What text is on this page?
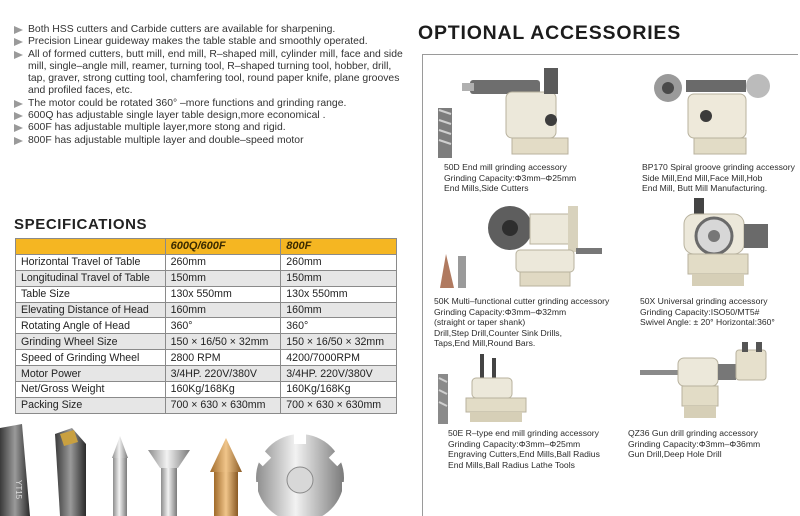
Both HSS cutters and Carbide cutters are available for sharpening.
Precision Linear guideway makes the table stable and smoothly operated.
All of formed cutters, butt mill, end mill, R–shaped mill, cylinder mill, face and side mill, single–angle mill, reamer, turning tool, R–shaped turning tool, hobber, drill, tap, graver, strong cutting tool, chamfering tool, round paper knife, plane grooves and profiled faces, etc.
The motor could be rotated 360° –more functions and grinding range.
600Q has adjustable single layer table design,more economical .
600F has adjustable multiple layer,more stong and rigid.
800F has adjustable multiple layer and double–speed motor
SPECIFICATIONS
	600Q/600F	800F
Horizontal Travel of Table	260mm	260mm
Longitudinal Travel of Table	150mm	150mm
Table Size	130x 550mm	130x 550mm
Elevating Distance of Head	160mm	160mm
Rotating Angle of Head	360°	360°
Grinding Wheel Size	150 × 16/50 × 32mm	150 × 16/50 × 32mm
Speed of Grinding Wheel	2800 RPM	4200/7000RPM
Motor Power	3/4HP. 220V/380V	3/4HP. 220V/380V
Net/Gross Weight	160Kg/168Kg	160Kg/168Kg
Packing Size	700 × 630 × 630mm	700 × 630 × 630mm
YT15
OPTIONAL ACCESSORIES
50D End mill grinding accessory
Grinding Capacity:Φ3mm–Φ25mm
End Mills,Side Cutters
BP170 Spiral groove grinding accessory
Side Mill,End Mill,Face Mill,Hob
End Mill, Butt Mill Manufacturing.
50K Multi–functional cutter grinding accessory
Grinding Capacity:Φ3mm–Φ32mm
(straight or taper shank)
Drill,Step Drill,Counter Sink Drills,
Taps,End Mill,Round Bars.
50X Universal grinding accessory
Grinding Capacity:ISO50/MT5#
Swivel Angle: ± 20° Horizontal:360°
50E R–type end mill grinding accessory
Grinding Capacity:Φ3mm–Φ25mm
Engraving Cutters,End Mills,Ball Radius
End Mills,Ball Radius Lathe Tools
QZ36 Gun drill grinding accessory
Grinding Capacity:Φ3mm–Φ36mm
Gun Drill,Deep Hole Drill
